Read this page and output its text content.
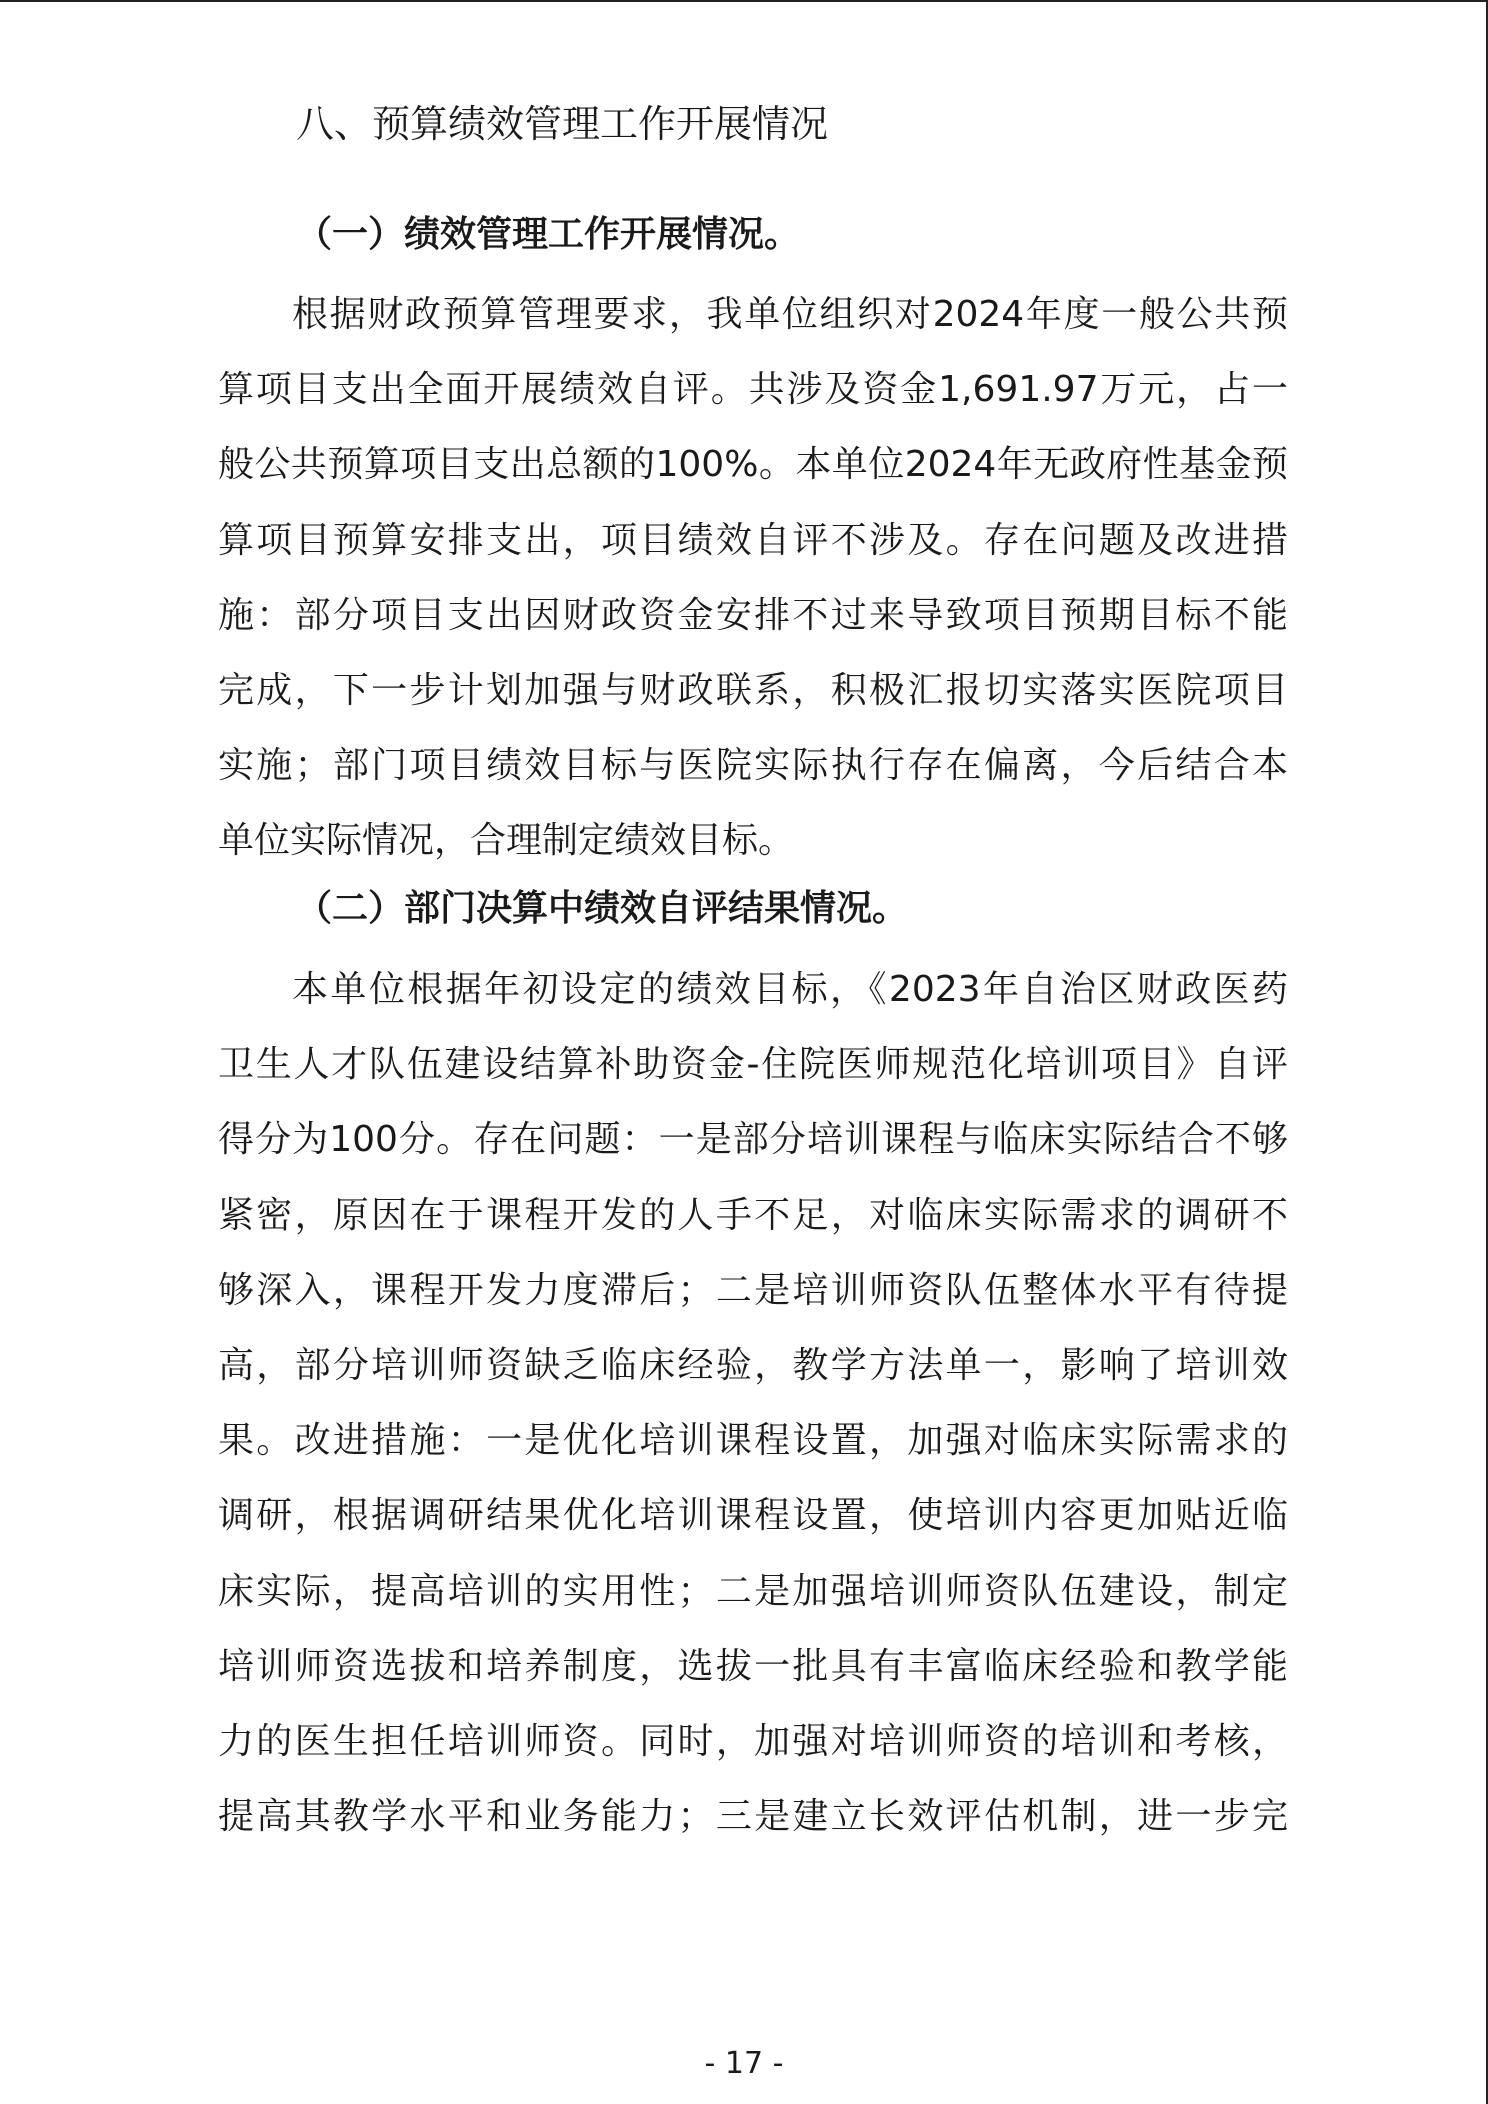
八、预算绩效管理工作开展情况
（一）绩效管理工作开展情况。
根据财政预算管理要求，我单位组织对2024年度一般公共预
算项目支出全面开展绩效自评。共涉及资金1,691.97万元，占一
般公共预算项目支出总额的100%。本单位2024年无政府性基金预
算项目预算安排支出，项目绩效自评不涉及。存在问题及改进措
施：部分项目支出因财政资金安排不过来导致项目预期目标不能
完成，下一步计划加强与财政联系，积极汇报切实落实医院项目
实施；部门项目绩效目标与医院实际执行存在偏离，今后结合本
单位实际情况，合理制定绩效目标。
（二）部门决算中绩效自评结果情况。
本单位根据年初设定的绩效目标，《2023年自治区财政医药
卫生人才队伍建设结算补助资金-住院医师规范化培训项目》自评
得分为100分。存在问题：一是部分培训课程与临床实际结合不够
紧密，原因在于课程开发的人手不足，对临床实际需求的调研不
够深入，课程开发力度滞后；二是培训师资队伍整体水平有待提
高，部分培训师资缺乏临床经验，教学方法单一，影响了培训效
果。改进措施：一是优化培训课程设置，加强对临床实际需求的
调研，根据调研结果优化培训课程设置，使培训内容更加贴近临
床实际，提高培训的实用性；二是加强培训师资队伍建设，制定
培训师资选拔和培养制度，选拔一批具有丰富临床经验和教学能
力的医生担任培训师资。同时，加强对培训师资的培训和考核，
提高其教学水平和业务能力；三是建立长效评估机制，进一步完
- 17 -
